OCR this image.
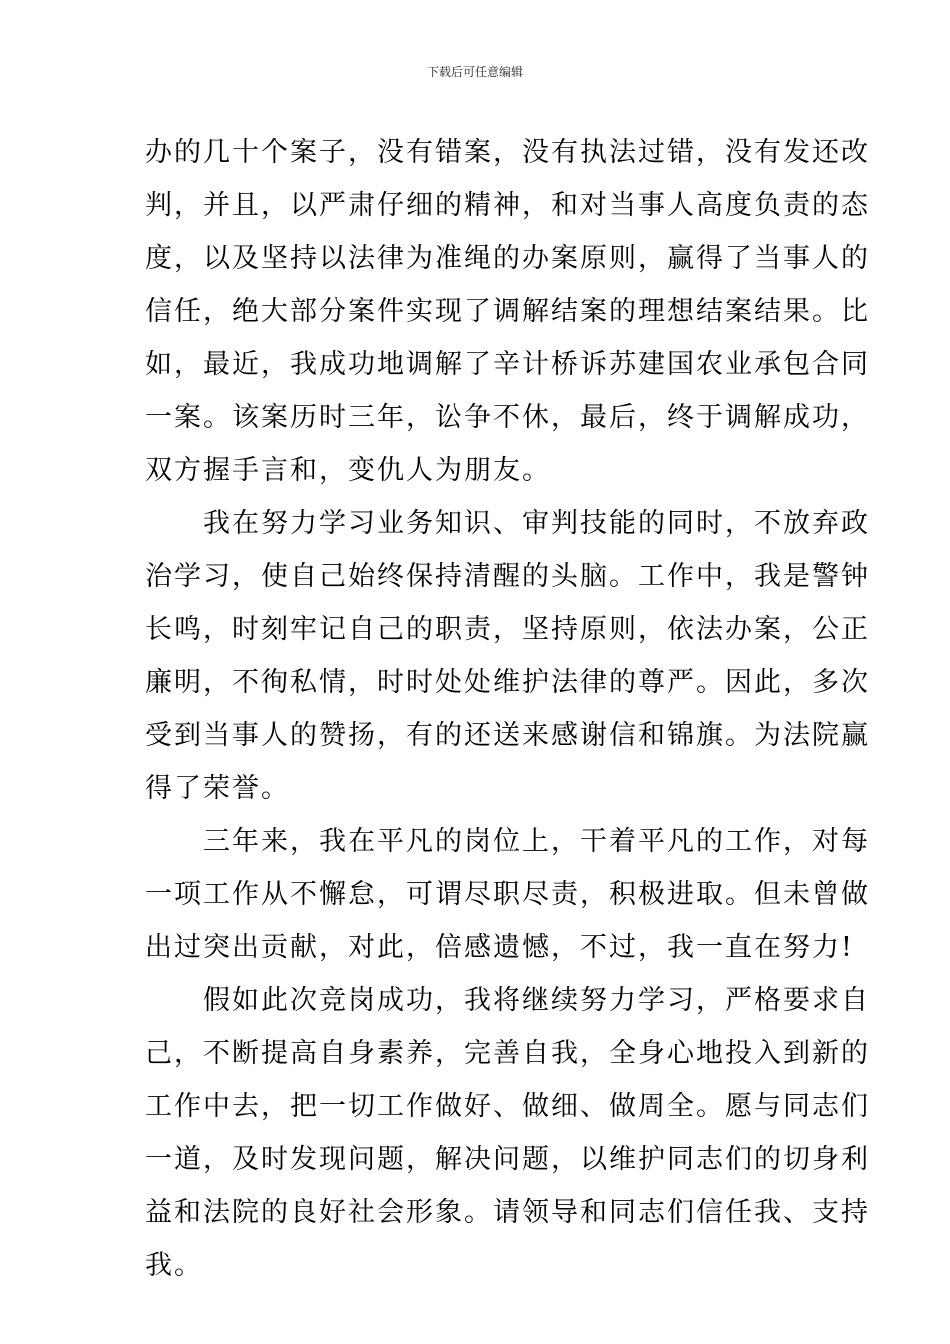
下载后可任意编辑
办的几十个案子，没有错案，没有执法过错，没有发还改
判，并且，以严肃仔细的精神，和对当事人高度负责的态
度，以及坚持以法律为准绳的办案原则，赢得了当事人的
信任，绝大部分案件实现了调解结案的理想结案结果。比
如，最近，我成功地调解了辛计桥诉苏建国农业承包合同
一案。该案历时三年，讼争不休，最后，终于调解成功，
双方握手言和，变仇人为朋友。
我在努力学习业务知识、审判技能的同时，不放弃政
治学习，使自己始终保持清醒的头脑。工作中，我是警钟
长鸣，时刻牢记自己的职责，坚持原则，依法办案，公正
廉明，不徇私情，时时处处维护法律的尊严。因此，多次
受到当事人的赞扬，有的还送来感谢信和锦旗。为法院赢
得了荣誉。
三年来，我在平凡的岗位上，干着平凡的工作，对每
一项工作从不懈怠，可谓尽职尽责，积极进取。但未曾做
出过突出贡献，对此，倍感遗憾，不过，我一直在努力!
假如此次竞岗成功，我将继续努力学习，严格要求自
己，不断提高自身素养，完善自我，全身心地投入到新的
工作中去，把一切工作做好、做细、做周全。愿与同志们
一道，及时发现问题，解决问题，以维护同志们的切身利
益和法院的良好社会形象。请领导和同志们信任我、支持
我。
